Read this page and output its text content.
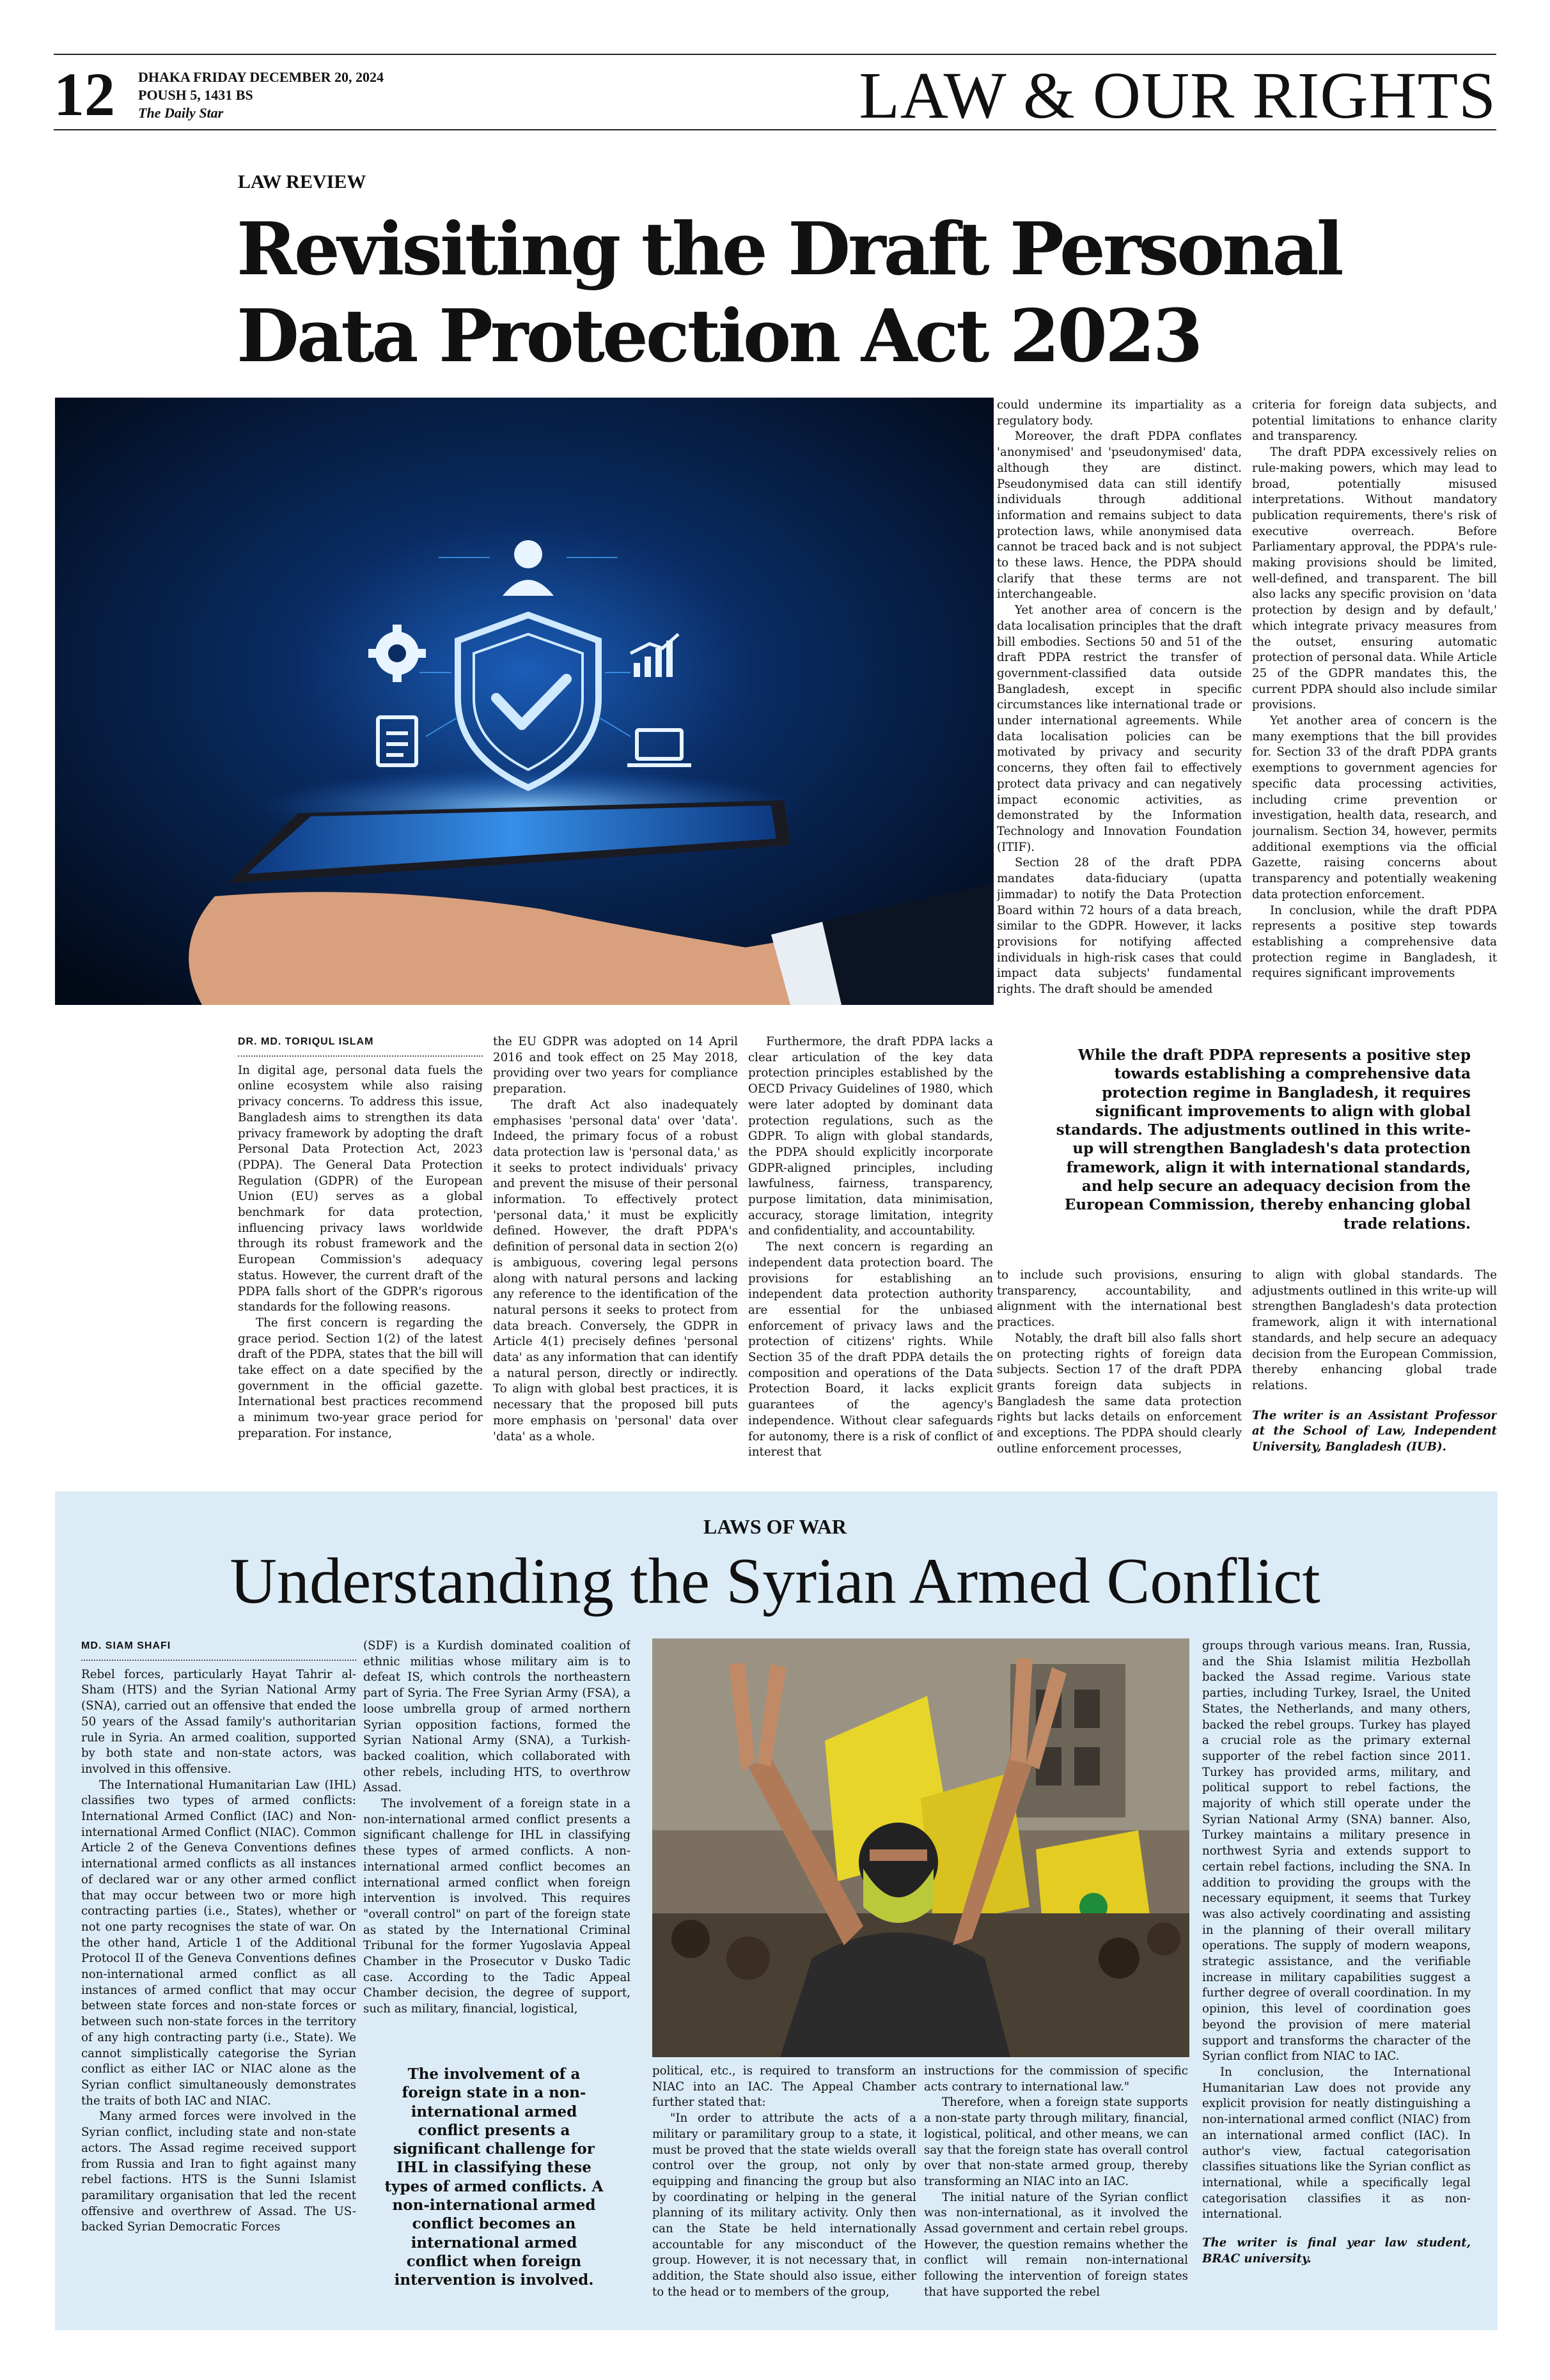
12 DHAKA FRIDAY DECEMBER 20, 2024
POUSH 5, 1431 BS
The Daily Star	LAW & OUR RIGHTS
LAW REVIEW
Revisiting the Draft Personal
Data Protection Act 2023

could undermine its impartiality as a regulatory body.

Moreover, the draft PDPA conflates 'anonymised' and 'pseudonymised' data, although they are distinct. Pseudonymised data can still identify individuals through additional information and remains subject to data protection laws, while anonymised data cannot be traced back and is not subject to these laws. Hence, the PDPA should clarify that these terms are not interchangeable.

Yet another area of concern is the data localisation principles that the draft bill embodies. Sections 50 and 51 of the draft PDPA restrict the transfer of government-classified data outside Bangladesh, except in specific circumstances like international trade or under international agreements. While data localisation policies can be motivated by privacy and security concerns, they often fail to effectively protect data privacy and can negatively impact economic activities, as demonstrated by the Information Technology and Innovation Foundation (ITIF).

Section 28 of the draft PDPA mandates data-fiduciary (upatta jimmadar) to notify the Data Protection Board within 72 hours of a data breach, similar to the GDPR. However, it lacks provisions for notifying affected individuals in high-risk cases that could impact data subjects' fundamental rights. The draft should be amended

criteria for foreign data subjects, and potential limitations to enhance clarity and transparency.

The draft PDPA excessively relies on rule-making powers, which may lead to broad, potentially misused interpretations. Without mandatory publication requirements, there's risk of executive overreach. Before Parliamentary approval, the PDPA's rule-making provisions should be limited, well-defined, and transparent. The bill also lacks any specific provision on 'data protection by design and by default,' which integrate privacy measures from the outset, ensuring automatic protection of personal data. While Article 25 of the GDPR mandates this, the current PDPA should also include similar provisions.

Yet another area of concern is the many exemptions that the bill provides for. Section 33 of the draft PDPA grants exemptions to government agencies for specific data processing activities, including crime prevention or investigation, health data, research, and journalism. Section 34, however, permits additional exemptions via the official Gazette, raising concerns about transparency and potentially weakening data protection enforcement.

In conclusion, while the draft PDPA represents a positive step towards establishing a comprehensive data protection regime in Bangladesh, it requires significant improvements

DR. MD. TORIQUL ISLAM

In digital age, personal data fuels the online ecosystem while also raising privacy concerns. To address this issue, Bangladesh aims to strengthen its data privacy framework by adopting the draft Personal Data Protection Act, 2023 (PDPA). The General Data Protection Regulation (GDPR) of the European Union (EU) serves as a global benchmark for data protection, influencing privacy laws worldwide through its robust framework and the European Commission's adequacy status. However, the current draft of the PDPA falls short of the GDPR's rigorous standards for the following reasons.

The first concern is regarding the grace period. Section 1(2) of the latest draft of the PDPA, states that the bill will take effect on a date specified by the government in the official gazette. International best practices recommend a minimum two-year grace period for preparation. For instance,

the EU GDPR was adopted on 14 April 2016 and took effect on 25 May 2018, providing over two years for compliance preparation.

The draft Act also inadequately emphasises 'personal data' over 'data'. Indeed, the primary focus of a robust data protection law is 'personal data,' as it seeks to protect individuals' privacy and prevent the misuse of their personal information. To effectively protect 'personal data,' it must be explicitly defined. However, the draft PDPA's definition of personal data in section 2(o) is ambiguous, covering legal persons along with natural persons and lacking any reference to the identification of the natural persons it seeks to protect from data breach. Conversely, the GDPR in Article 4(1) precisely defines 'personal data' as any information that can identify a natural person, directly or indirectly. To align with global best practices, it is necessary that the proposed bill puts more emphasis on 'personal' data over 'data' as a whole.

Furthermore, the draft PDPA lacks a clear articulation of the key data protection principles established by the OECD Privacy Guidelines of 1980, which were later adopted by dominant data protection regulations, such as the GDPR. To align with global standards, the PDPA should explicitly incorporate GDPR-aligned principles, including lawfulness, fairness, transparency, purpose limitation, data minimisation, accuracy, storage limitation, integrity and confidentiality, and accountability.

The next concern is regarding an independent data protection board. The provisions for establishing an independent data protection authority are essential for the unbiased enforcement of privacy laws and the protection of citizens' rights. While Section 35 of the draft PDPA details the composition and operations of the Data Protection Board, it lacks explicit guarantees of the agency's independence. Without clear safeguards for autonomy, there is a risk of conflict of interest that

While the draft PDPA represents a positive step towards establishing a comprehensive data protection regime in Bangladesh, it requires significant improvements to align with global standards. The adjustments outlined in this write-up will strengthen Bangladesh's data protection framework, align it with international standards, and help secure an adequacy decision from the European Commission, thereby enhancing global trade relations.

to include such provisions, ensuring transparency, accountability, and alignment with the international best practices.

Notably, the draft bill also falls short on protecting rights of foreign data subjects. Section 17 of the draft PDPA grants foreign data subjects in Bangladesh the same data protection rights but lacks details on enforcement and exceptions. The PDPA should clearly outline enforcement processes,

to align with global standards. The adjustments outlined in this write-up will strengthen Bangladesh's data protection framework, align it with international standards, and help secure an adequacy decision from the European Commission, thereby enhancing global trade relations.

The writer is an Assistant Professor at the School of Law, Independent University, Bangladesh (IUB).

LAWS OF WAR
Understanding the Syrian Armed Conflict
MD. SIAM SHAFI

Rebel forces, particularly Hayat Tahrir al-Sham (HTS) and the Syrian National Army (SNA), carried out an offensive that ended the 50 years of the Assad family's authoritarian rule in Syria. An armed coalition, supported by both state and non-state actors, was involved in this offensive.

The International Humanitarian Law (IHL) classifies two types of armed conflicts: International Armed Conflict (IAC) and Non-international Armed Conflict (NIAC). Common Article 2 of the Geneva Conventions defines international armed conflicts as all instances of declared war or any other armed conflict that may occur between two or more high contracting parties (i.e., States), whether or not one party recognises the state of war. On the other hand, Article 1 of the Additional Protocol II of the Geneva Conventions defines non-international armed conflict as all instances of armed conflict that may occur between state forces and non-state forces or between such non-state forces in the territory of any high contracting party (i.e., State). We cannot simplistically categorise the Syrian conflict as either IAC or NIAC alone as the Syrian conflict simultaneously demonstrates the traits of both IAC and NIAC.

Many armed forces were involved in the Syrian conflict, including state and non-state actors. The Assad regime received support from Russia and Iran to fight against many rebel factions. HTS is the Sunni Islamist paramilitary organisation that led the recent offensive and overthrew of Assad. The US-backed Syrian Democratic Forces

(SDF) is a Kurdish dominated coalition of ethnic militias whose military aim is to defeat IS, which controls the northeastern part of Syria. The Free Syrian Army (FSA), a loose umbrella group of armed northern Syrian opposition factions, formed the Syrian National Army (SNA), a Turkish-backed coalition, which collaborated with other rebels, including HTS, to overthrow Assad.

The involvement of a foreign state in a non-international armed conflict presents a significant challenge for IHL in classifying these types of armed conflicts. A non-international armed conflict becomes an international armed conflict when foreign intervention is involved. This requires "overall control" on part of the foreign state as stated by the International Criminal Tribunal for the former Yugoslavia Appeal Chamber in the Prosecutor v Dusko Tadic case. According to the Tadic Appeal Chamber decision, the degree of support, such as military, financial, logistical,

The involvement of a foreign state in a non-international armed conflict presents a significant challenge for IHL in classifying these types of armed conflicts. A non-international armed conflict becomes an international armed conflict when foreign intervention is involved.

political, etc., is required to transform an NIAC into an IAC. The Appeal Chamber further stated that:

"In order to attribute the acts of a military or paramilitary group to a state, it must be proved that the state wields overall control over the group, not only by equipping and financing the group but also by coordinating or helping in the general planning of its military activity. Only then can the State be held internationally accountable for any misconduct of the group. However, it is not necessary that, in addition, the State should also issue, either to the head or to members of the group,

instructions for the commission of specific acts contrary to international law."

Therefore, when a foreign state supports a non-state party through military, financial, logistical, political, and other means, we can say that the foreign state has overall control over that non-state armed group, thereby transforming an NIAC into an IAC.

The initial nature of the Syrian conflict was non-international, as it involved the Assad government and certain rebel groups. However, the question remains whether the conflict will remain non-international following the intervention of foreign states that have supported the rebel

groups through various means. Iran, Russia, and the Shia Islamist militia Hezbollah backed the Assad regime. Various state parties, including Turkey, Israel, the United States, the Netherlands, and many others, backed the rebel groups. Turkey has played a crucial role as the primary external supporter of the rebel faction since 2011. Turkey has provided arms, military, and political support to rebel factions, the majority of which still operate under the Syrian National Army (SNA) banner. Also, Turkey maintains a military presence in northwest Syria and extends support to certain rebel factions, including the SNA. In addition to providing the groups with the necessary equipment, it seems that Turkey was also actively coordinating and assisting in the planning of their overall military operations. The supply of modern weapons, strategic assistance, and the verifiable increase in military capabilities suggest a further degree of overall coordination. In my opinion, this level of coordination goes beyond the provision of mere material support and transforms the character of the Syrian conflict from NIAC to IAC.

In conclusion, the International Humanitarian Law does not provide any explicit provision for neatly distinguishing a non-international armed conflict (NIAC) from an international armed conflict (IAC). In author's view, factual categorisation classifies situations like the Syrian conflict as international, while a specifically legal categorisation classifies it as non-international.

The writer is final year law student, BRAC university.
